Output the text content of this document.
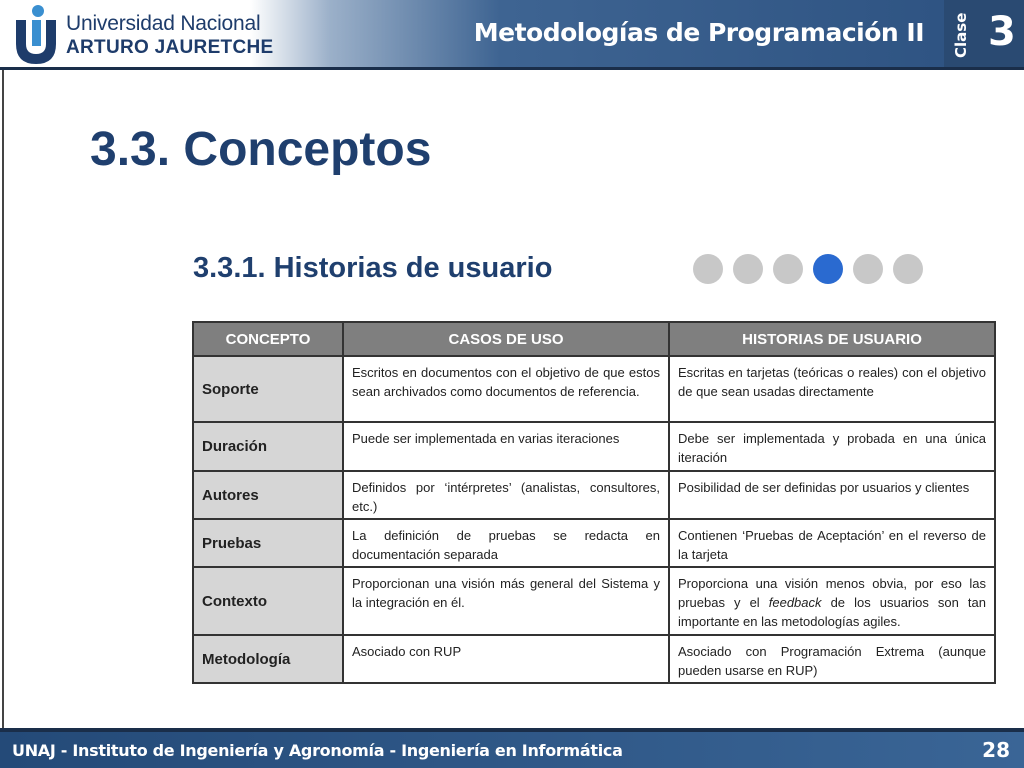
Universidad Nacional
ARTURO JAURETCHE
Metodologías de Programación II Clase 3
3.3. Conceptos
3.3.1. Historias de usuario
CONCEPTO	CASOS DE USO	HISTORIAS DE USUARIO
Soporte	Escritos en documentos con el objetivo de que estos sean archivados como documentos de referencia.	Escritas en tarjetas (teóricas o reales) con el objetivo de que sean usadas directamente
Duración	Puede ser implementada en varias iteraciones	Debe ser implementada y probada en una única iteración
Autores	Definidos por ‘intérpretes’ (analistas, consultores, etc.)	Posibilidad de ser definidas por usuarios y clientes
Pruebas	La definición de pruebas se redacta en documentación separada	Contienen ‘Pruebas de Aceptación’ en el reverso de la tarjeta
Contexto	Proporcionan una visión más general del Sistema y la integración en él.	Proporciona una visión menos obvia, por eso las pruebas y el feedback de los usuarios son tan importante en las metodologías agiles.
Metodología	Asociado con RUP	Asociado con Programación Extrema (aunque pueden usarse en RUP)
UNAJ - Instituto de Ingeniería y Agronomía - Ingeniería en Informática	28
